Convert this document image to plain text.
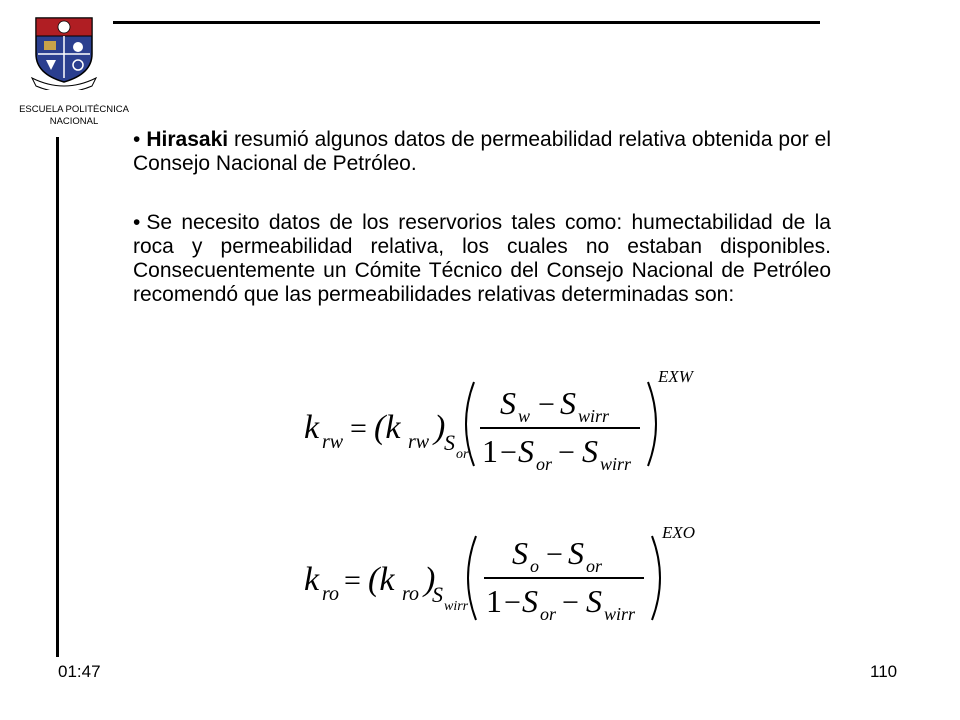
ESCUELA POLITÉCNICA
NACIONAL
• Hirasaki resumió algunos datos de permeabilidad relativa obtenida por el Consejo Nacional de Petróleo.
• Se necesito datos de los reservorios tales como: humectabilidad de la roca y permeabilidad relativa, los cuales no estaban disponibles. Consecuentemente un Cómite Técnico del Consejo Nacional de Petróleo recomendó que las permeabilidades relativas determinadas son:
k rw = (k rw )
S or
S w − S wirr
1 − S or − S wirr
EXW
k ro = (k ro )
S wirr
S o − S or
1 − S or − S wirr
EXO
01:47	110
